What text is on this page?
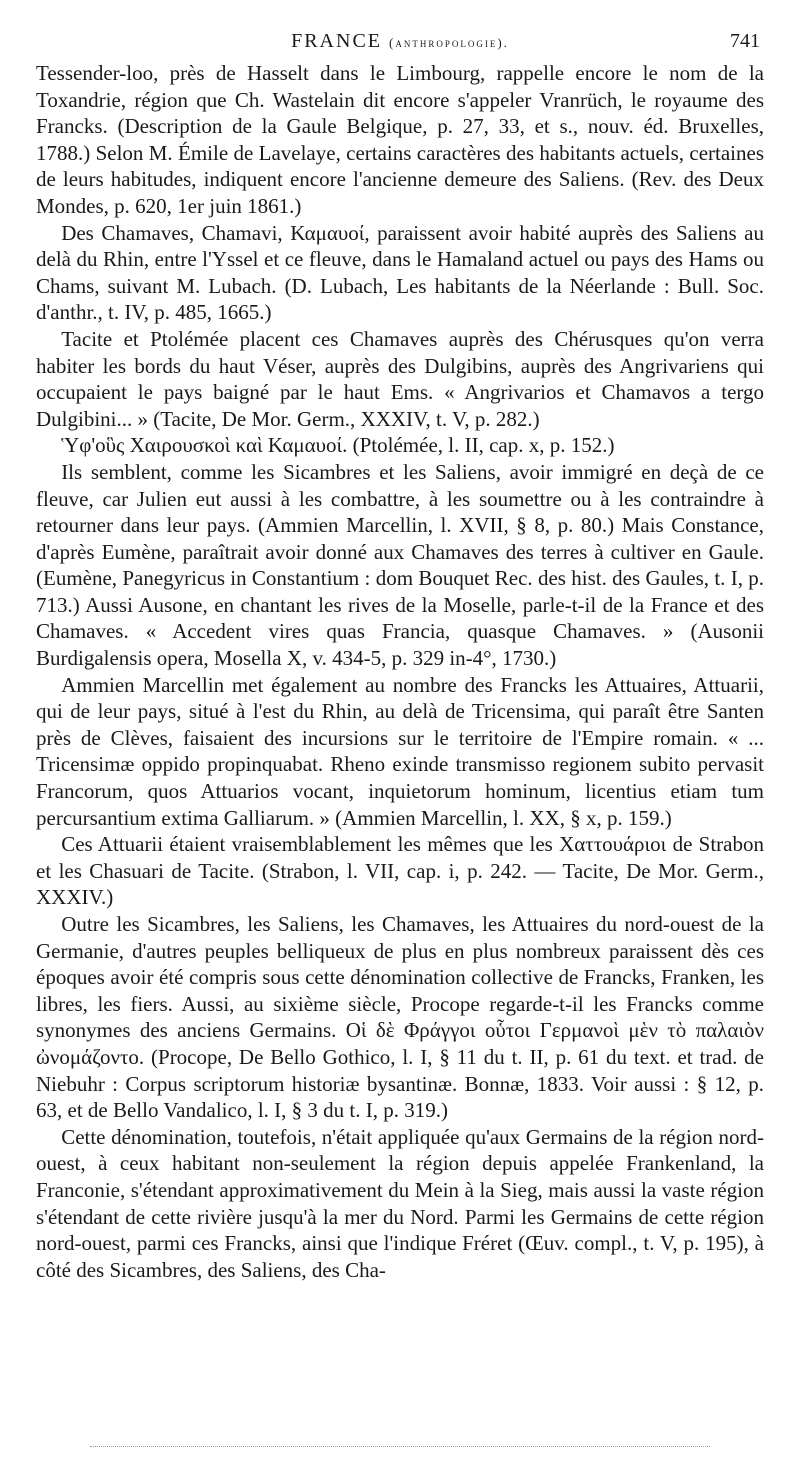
FRANCE (anthropologie).	741

Tessender-loo, près de Hasselt dans le Limbourg, rappelle encore le nom de la Toxandrie, région que Ch. Wastelain dit encore s'appeler Vranrüch, le royaume des Francks. (Description de la Gaule Belgique, p. 27, 33, et s., nouv. éd. Bruxelles, 1788.) Selon M. Émile de Lavelaye, certains caractères des habitants actuels, certaines de leurs habitudes, indiquent encore l'ancienne demeure des Saliens. (Rev. des Deux Mondes, p. 620, 1er juin 1861.)

Des Chamaves, Chamavi, Καμαυοί, paraissent avoir habité auprès des Saliens au delà du Rhin, entre l'Yssel et ce fleuve, dans le Hamaland actuel ou pays des Hams ou Chams, suivant M. Lubach. (D. Lubach, Les habitants de la Néerlande : Bull. Soc. d'anthr., t. IV, p. 485, 1665.)

Tacite et Ptolémée placent ces Chamaves auprès des Chérusques qu'on verra habiter les bords du haut Véser, auprès des Dulgibins, auprès des Angrivariens qui occupaient le pays baigné par le haut Ems. « Angrivarios et Chamavos a tergo Dulgibini... » (Tacite, De Mor. Germ., XXXIV, t. V, p. 282.)

Ὑφ'οὓς Χαιρουσκοὶ καὶ Καμαυοί. (Ptolémée, l. II, cap. x, p. 152.)

Ils semblent, comme les Sicambres et les Saliens, avoir immigré en deçà de ce fleuve, car Julien eut aussi à les combattre, à les soumettre ou à les contraindre à retourner dans leur pays. (Ammien Marcellin, l. XVII, § 8, p. 80.) Mais Constance, d'après Eumène, paraîtrait avoir donné aux Chamaves des terres à cultiver en Gaule. (Eumène, Panegyricus in Constantium : dom Bouquet Rec. des hist. des Gaules, t. I, p. 713.) Aussi Ausone, en chantant les rives de la Moselle, parle-t-il de la France et des Chamaves. « Accedent vires quas Francia, quasque Chamaves. » (Ausonii Burdigalensis opera, Mosella X, v. 434-5, p. 329 in-4°, 1730.)

Ammien Marcellin met également au nombre des Francks les Attuaires, Attuarii, qui de leur pays, situé à l'est du Rhin, au delà de Tricensima, qui paraît être Santen près de Clèves, faisaient des incursions sur le territoire de l'Empire romain. « ... Tricensimæ oppido propinquabat. Rheno exinde transmisso regionem subito pervasit Francorum, quos Attuarios vocant, inquietorum hominum, licentius etiam tum percursantium extima Galliarum. » (Ammien Marcellin, l. XX, § x, p. 159.)

Ces Attuarii étaient vraisemblablement les mêmes que les Χαττουάριοι de Strabon et les Chasuari de Tacite. (Strabon, l. VII, cap. i, p. 242. — Tacite, De Mor. Germ., XXXIV.)

Outre les Sicambres, les Saliens, les Chamaves, les Attuaires du nord-ouest de la Germanie, d'autres peuples belliqueux de plus en plus nombreux paraissent dès ces époques avoir été compris sous cette dénomination collective de Francks, Franken, les libres, les fiers. Aussi, au sixième siècle, Procope regarde-t-il les Francks comme synonymes des anciens Germains. Οἱ δὲ Φράγγοι οὗτοι Γερμανοὶ μὲν τὸ παλαιὸν ὠνομάζοντο. (Procope, De Bello Gothico, l. I, § 11 du t. II, p. 61 du text. et trad. de Niebuhr : Corpus scriptorum historiæ bysantinæ. Bonnæ, 1833. Voir aussi : § 12, p. 63, et de Bello Vandalico, l. I, § 3 du t. I, p. 319.)

Cette dénomination, toutefois, n'était appliquée qu'aux Germains de la région nord-ouest, à ceux habitant non-seulement la région depuis appelée Frankenland, la Franconie, s'étendant approximativement du Mein à la Sieg, mais aussi la vaste région s'étendant de cette rivière jusqu'à la mer du Nord. Parmi les Germains de cette région nord-ouest, parmi ces Francks, ainsi que l'indique Fréret (Œuv. compl., t. V, p. 195), à côté des Sicambres, des Saliens, des Cha-
